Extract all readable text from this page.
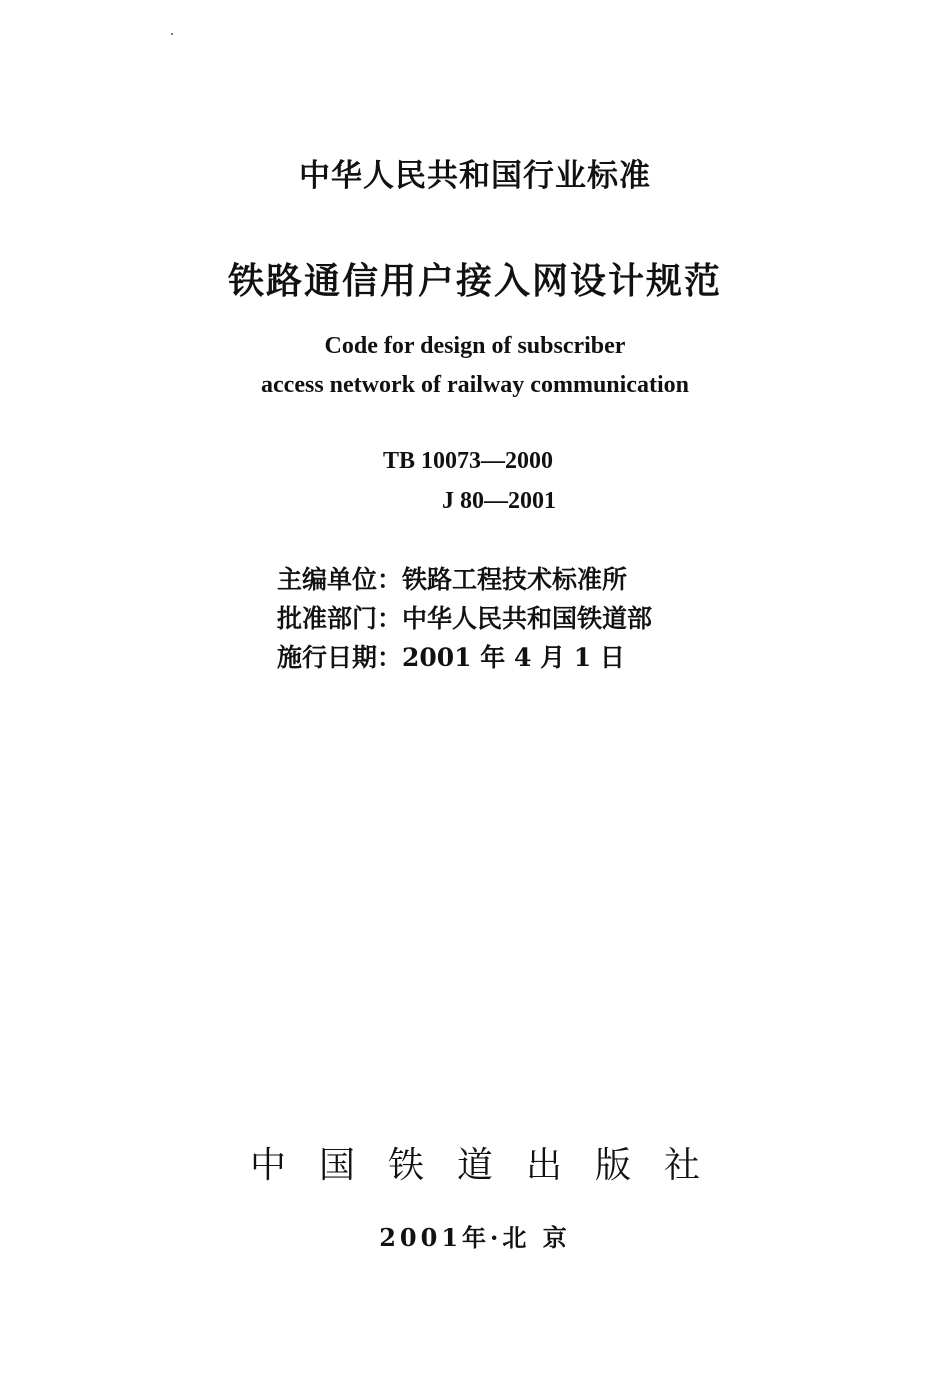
中华人民共和国行业标准
铁路通信用户接入网设计规范
Code for design of subscriber
access network of railway communication
TB 10073—2000
J 80—2001
主编单位：铁路工程技术标准所
批准部门：中华人民共和国铁道部
施行日期：2001 年 4 月 1 日
中国铁道出版社
2001年·北 京
